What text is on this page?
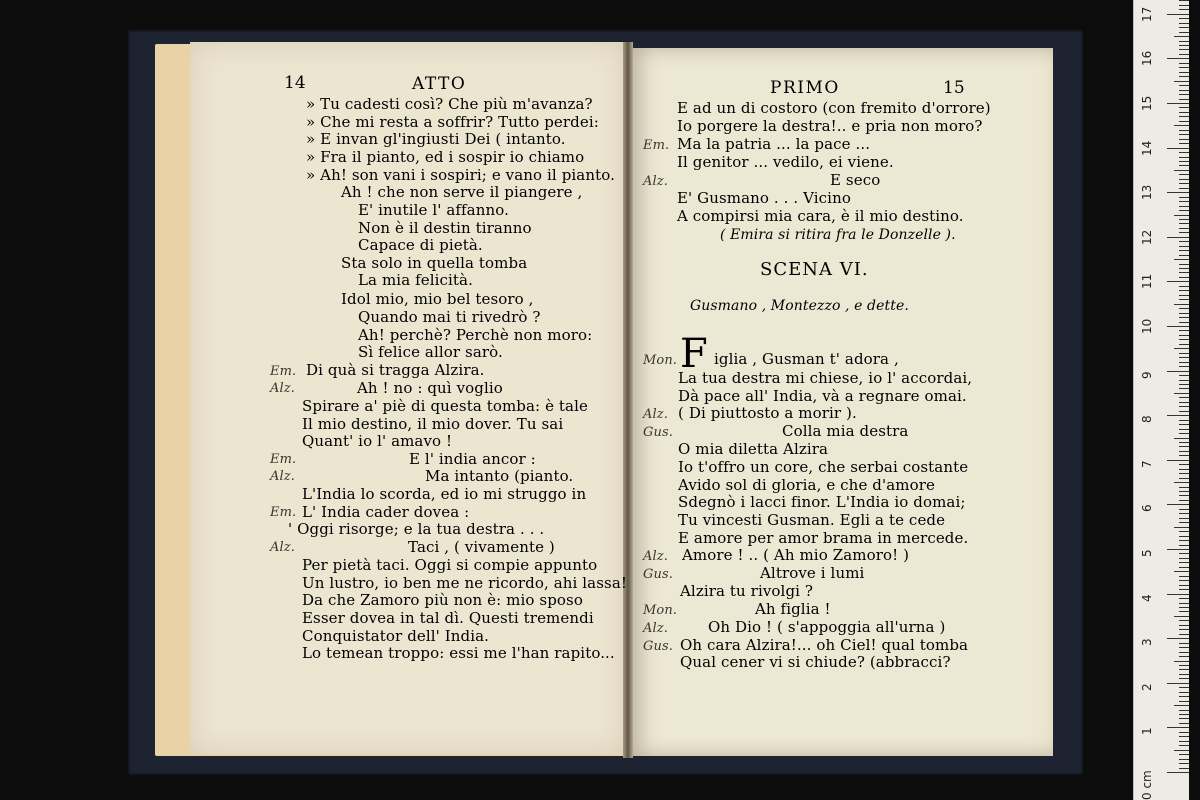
14	ATTO
» Tu cadesti così? Che più m'avanza?
» Che mi resta a soffrir? Tutto perdei:
» E invan gl'ingiusti Dei ( intanto.
» Fra il pianto, ed i sospir io chiamo
» Ah! son vani i sospiri; e vano il pianto.
Ah ! che non serve il piangere ,
E' inutile l' affanno.
Non è il destin tiranno
Capace di pietà.
Sta solo in quella tomba
La mia felicità.
Idol mio, mio bel tesoro ,
Quando mai ti rivedrò ?
Ah! perchè? Perchè non moro:
Sì felice allor sarò.
Em. Di quà si tragga Alzira.
Alz.	Ah ! no : quì voglio
Spirare a' piè di questa tomba: è tale
Il mio destino, il mio dover. Tu sai
Quant' io l' amavo !
Em.	E l' india ancor :
Alz.	Ma intanto (pianto.
L'India lo scorda, ed io mi struggo in
Em. L' India cader dovea :
' Oggi risorge; e la tua destra . . .
Alz.	Taci , ( vivamente )
Per pietà taci. Oggi si compie appunto
Un lustro, io ben me ne ricordo, ahi lassa!
Da che Zamoro più non è: mio sposo
Esser dovea in tal dì. Questi tremendi
Conquistator dell' India.
Lo temean troppo: essi me l'han rapito...
PRIMO	15
E ad un di costoro (con fremito d'orrore)
Io porgere la destra!.. e pria non moro?
Em. Ma la patria ... la pace ...
Il genitor ... vedilo, ei viene.
Alz.	E seco
E' Gusmano . . . Vicino
A compirsi mia cara, è il mio destino.
( Emira si ritira fra le Donzelle ).
SCENA VI.
Gusmano , Montezzo , e dette.
Mon. F iglia , Gusman t' adora ,
La tua destra mi chiese, io l' accordai,
Dà pace all' India, và a regnare omai.
Alz. ( Di piuttosto a morir ).
Gus.	Colla mia destra
O mia diletta Alzira
Io t'offro un core, che serbai costante
Avido sol di gloria, e che d'amore
Sdegnò i lacci finor. L'India io domai;
Tu vincesti Gusman. Egli a te cede
E amore per amor brama in mercede.
Alz. Amore ! .. ( Ah mio Zamoro! )
Gus.	Altrove i lumi
Alzira tu rivolgi ?
Mon.	Ah figlia !
Alz.	Oh Dio ! ( s'appoggia all'urna )
Gus. Oh cara Alzira!... oh Ciel! qual tomba
Qual cener vi si chiude? (abbracci?
0 cm
1
2
3
4
5
6
7
8
9
10
11
12
13
14
15
16
17
